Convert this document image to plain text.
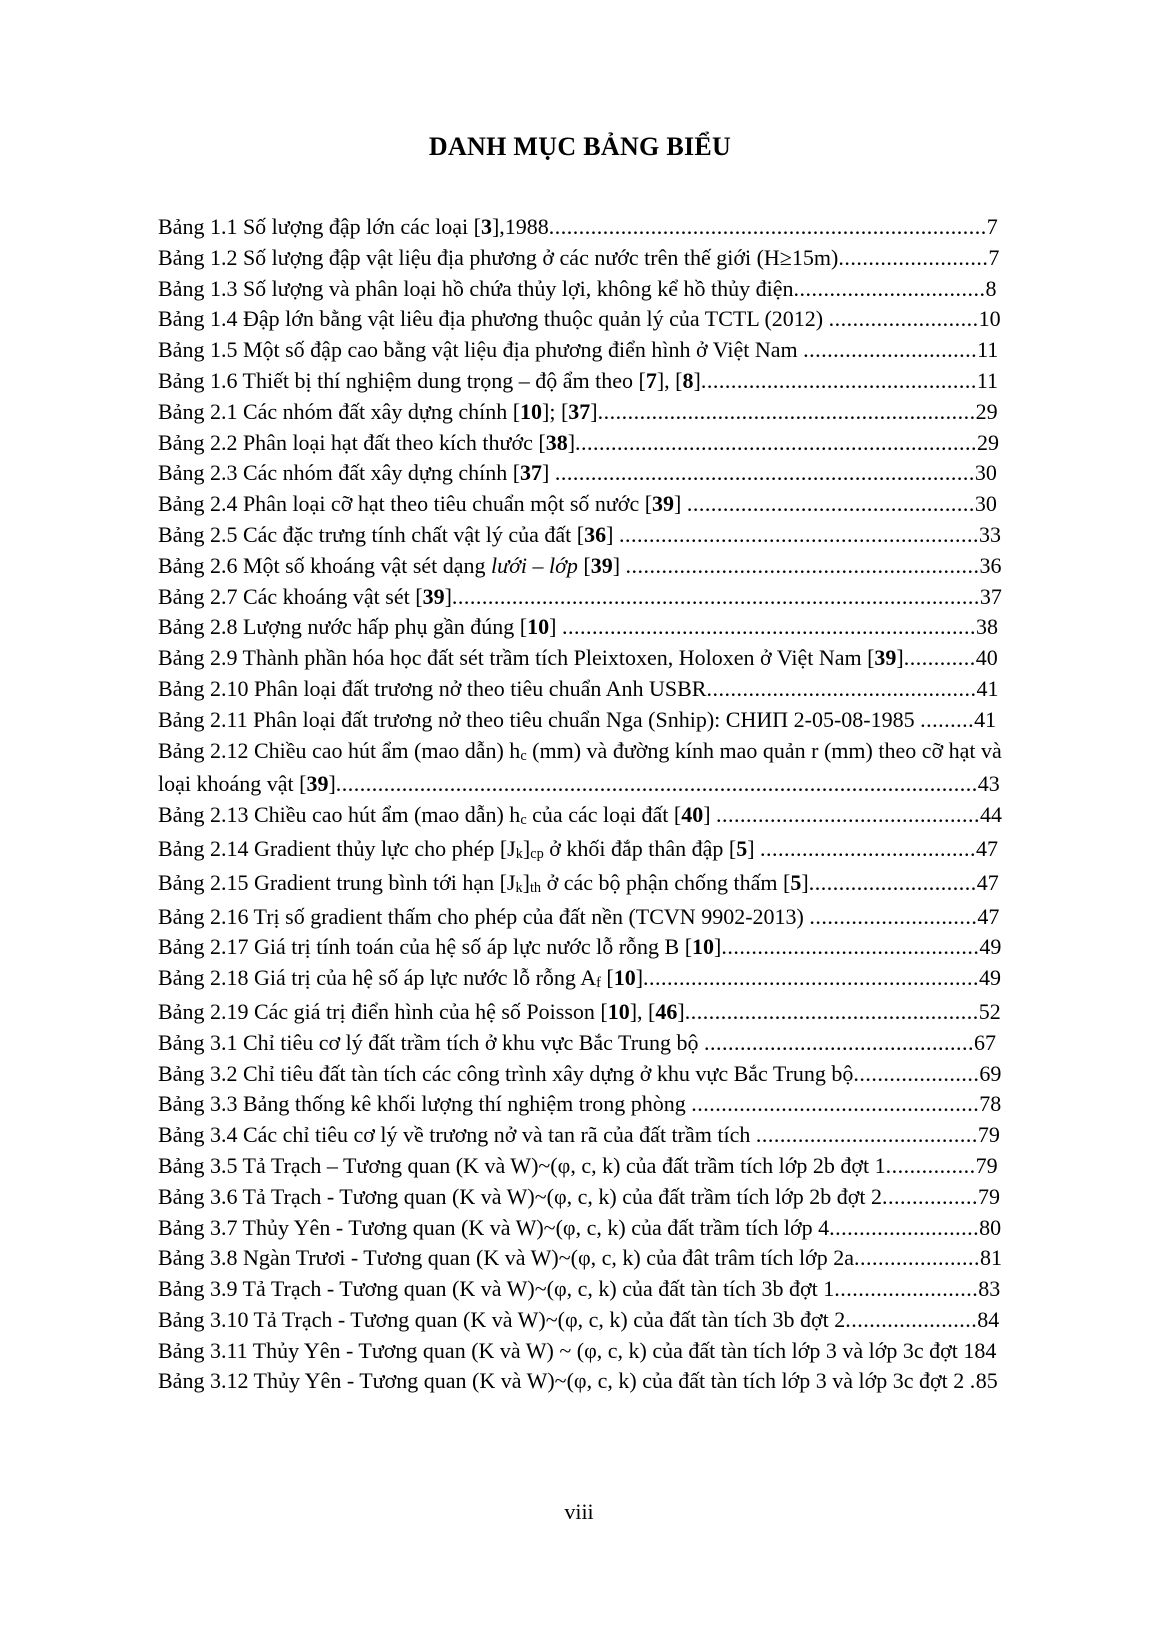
DANH MỤC BẢNG BIỂU
Bảng 1.1 Số lượng đập lớn các loại [3],1988.........................................................................7
Bảng 1.2 Số lượng đập vật liệu địa phương ở các nước trên thế giới (H≥15m).........................7
Bảng 1.3 Số lượng và phân loại hồ chứa thủy lợi, không kể hồ thủy điện................................8
Bảng 1.4 Đập lớn bằng vật liêu địa phương thuộc quản lý của TCTL (2012) .........................10
Bảng 1.5 Một số đập cao bằng vật liệu địa phương điển hình ở Việt Nam .............................11
Bảng 1.6 Thiết bị thí nghiệm dung trọng – độ ẩm theo [7], [8]..............................................11
Bảng 2.1 Các nhóm đất xây dựng chính [10]; [37]...............................................................29
Bảng 2.2 Phân loại hạt đất theo kích thước [38]...................................................................29
Bảng 2.3 Các nhóm đất xây dựng chính [37] ......................................................................30
Bảng 2.4 Phân loại cỡ hạt theo tiêu chuẩn một số nước [39] ................................................30
Bảng 2.5 Các đặc trưng tính chất vật lý của đất [36] ............................................................33
Bảng 2.6 Một số khoáng vật sét dạng lưới – lớp [39] ...........................................................36
Bảng 2.7 Các khoáng vật sét [39]........................................................................................37
Bảng 2.8 Lượng nước hấp phụ gần đúng [10] .....................................................................38
Bảng 2.9 Thành phần hóa học đất sét trầm tích Pleixtoxen, Holoxen ở Việt Nam [39]............40
Bảng 2.10 Phân loại đất trương nở theo tiêu chuẩn Anh USBR.............................................41
Bảng 2.11 Phân loại đất trương nở theo tiêu chuẩn Nga (Snhip): СНИП 2-05-08-1985 .........41
Bảng 2.12 Chiều cao hút ẩm (mao dẫn) hc (mm) và đường kính mao quản r (mm) theo cỡ hạt và loại khoáng vật [39]...........................................................................................................43
Bảng 2.13 Chiều cao hút ẩm (mao dẫn) hc của các loại đất [40] ............................................44
Bảng 2.14 Gradient thủy lực cho phép [Jk]cp ở khối đắp thân đập [5] ....................................47
Bảng 2.15 Gradient trung bình tới hạn [Jk]th ở các bộ phận chống thấm [5]............................47
Bảng 2.16 Trị số gradient thấm cho phép của đất nền (TCVN 9902-2013) ............................47
Bảng 2.17 Giá trị tính toán của hệ số áp lực nước lỗ rỗng B [10]...........................................49
Bảng 2.18 Giá trị của hệ số áp lực nước lỗ rỗng Af [10]........................................................49
Bảng 2.19 Các giá trị điển hình của hệ số Poisson [10], [46].................................................52
Bảng 3.1 Chỉ tiêu cơ lý đất trầm tích ở khu vực Bắc Trung bộ .............................................67
Bảng 3.2 Chỉ tiêu đất tàn tích các công trình xây dựng ở khu vực Bắc Trung bộ.....................69
Bảng 3.3 Bảng thống kê khối lượng thí nghiệm trong phòng ................................................78
Bảng 3.4 Các chỉ tiêu cơ lý về trương nở và tan rã của đất trầm tích .....................................79
Bảng 3.5 Tả Trạch – Tương quan (K và W)~(φ, c, k) của đất trầm tích lớp 2b đợt 1...............79
Bảng 3.6 Tả Trạch - Tương quan (K và W)~(φ, c, k) của đất trầm tích lớp 2b đợt 2................79
Bảng 3.7 Thủy Yên - Tương quan (K và W)~(φ, c, k) của đất trầm tích lớp 4.........................80
Bảng 3.8 Ngàn Trươi - Tương quan (K và W)~(φ, c, k) của đât trâm tích lớp 2a.....................81
Bảng 3.9 Tả Trạch - Tương quan (K và W)~(φ, c, k) của đất tàn tích 3b đợt 1........................83
Bảng 3.10 Tả Trạch - Tương quan (K và W)~(φ, c, k) của đất tàn tích 3b đợt 2......................84
Bảng 3.11 Thủy Yên - Tương quan (K và W) ~ (φ, c, k) của đất tàn tích lớp 3 và lớp 3c đợt 184
Bảng 3.12 Thủy Yên - Tương quan (K và W)~(φ, c, k) của đất tàn tích lớp 3 và lớp 3c đợt 2 .85
viii
